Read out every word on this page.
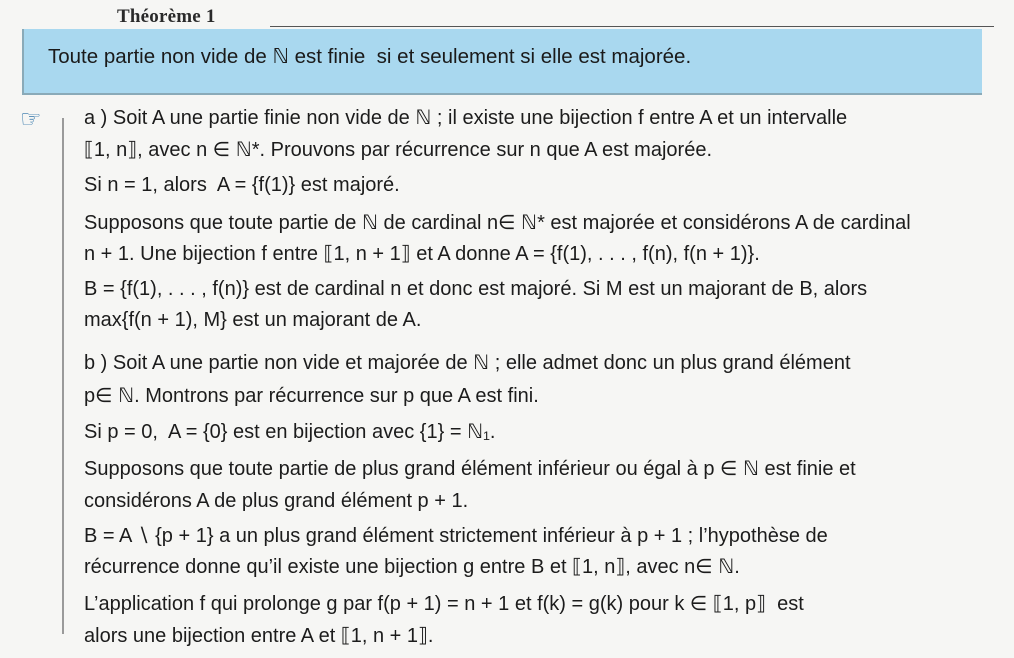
Théorème 1
Toute partie non vide de ℕ est finie  si et seulement si elle est majorée.
☞ a ) Soit A une partie finie non vide de ℕ ; il existe une bijection f entre A et un intervalle
⟦1, n⟧, avec n ∈ ℕ*. Prouvons par récurrence sur n que A est majorée.
Si n = 1, alors  A = {f(1)} est majoré.
Supposons que toute partie de ℕ de cardinal n∈ ℕ* est majorée et considérons A de cardinal
n + 1. Une bijection f entre ⟦1, n + 1⟧ et A donne A = {f(1), . . . , f(n), f(n + 1)}.
B = {f(1), . . . , f(n)} est de cardinal n et donc est majoré. Si M est un majorant de B, alors
max{f(n + 1), M} est un majorant de A.
b ) Soit A une partie non vide et majorée de ℕ ; elle admet donc un plus grand élément
p∈ ℕ. Montrons par récurrence sur p que A est fini.
Si p = 0,  A = {0} est en bijection avec {1} = ℕ₁.
Supposons que toute partie de plus grand élément inférieur ou égal à p ∈ ℕ est finie et
considérons A de plus grand élément p + 1.
B = A ∖ {p + 1} a un plus grand élément strictement inférieur à p + 1 ; l’hypothèse de
récurrence donne qu’il existe une bijection g entre B et ⟦1, n⟧, avec n∈ ℕ.
L’application f qui prolonge g par f(p + 1) = n + 1 et f(k) = g(k) pour k ∈ ⟦1, p⟧  est
alors une bijection entre A et ⟦1, n + 1⟧.
